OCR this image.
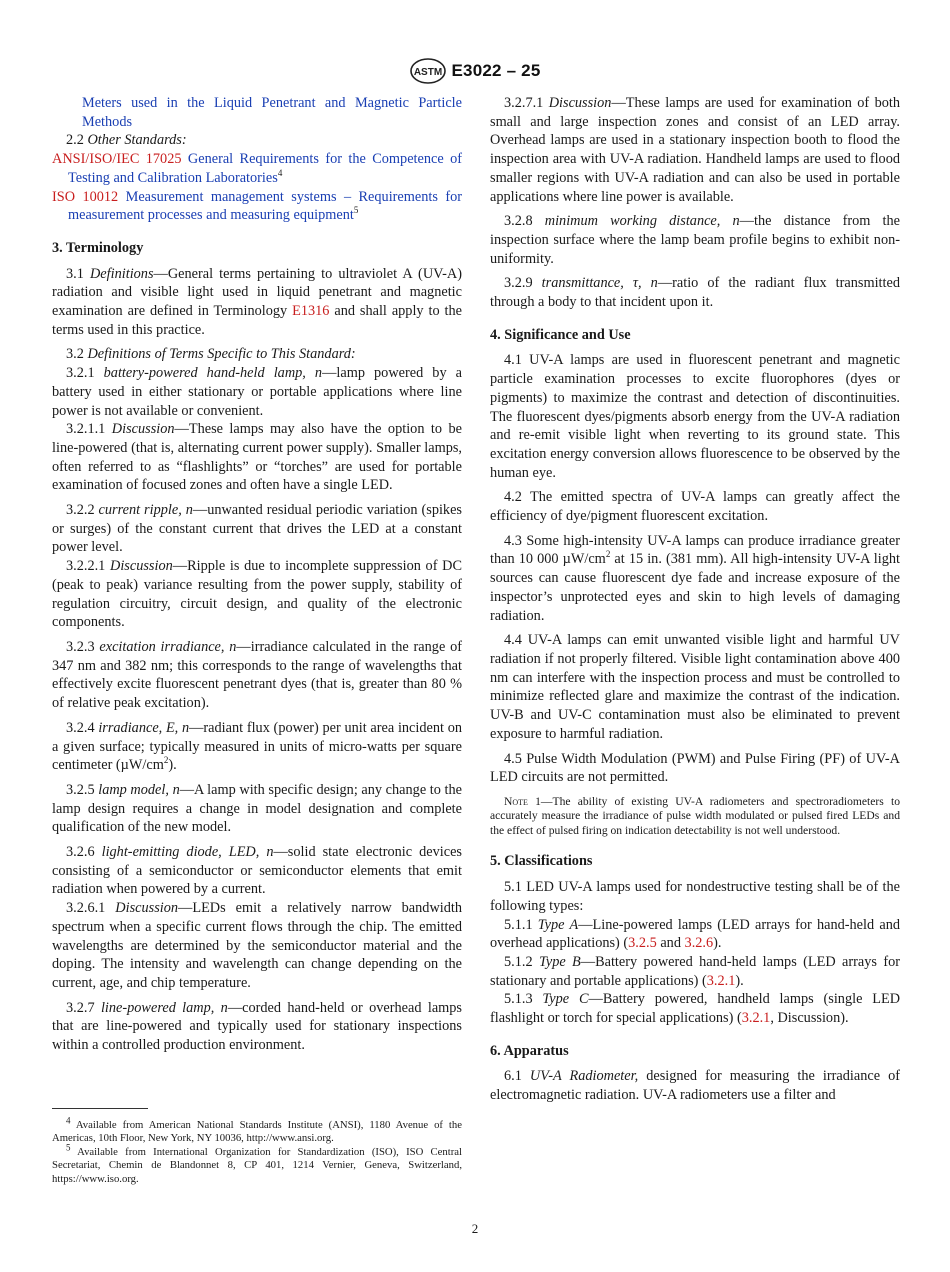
ASTM E3022 – 25

Meters used in the Liquid Penetrant and Magnetic Particle Methods

2.2 Other Standards:

ANSI/ISO/IEC 17025 General Requirements for the Competence of Testing and Calibration Laboratories$^4$

ISO 10012 Measurement management systems – Requirements for measurement processes and measuring equipment$^5$

3. Terminology

3.1 Definitions—General terms pertaining to ultraviolet A (UV-A) radiation and visible light used in liquid penetrant and magnetic examination are defined in Terminology E1316 and shall apply to the terms used in this practice.

3.2 Definitions of Terms Specific to This Standard:

3.2.1 battery-powered hand-held lamp, n—lamp powered by a battery used in either stationary or portable applications where line power is not available or convenient.

3.2.1.1 Discussion—These lamps may also have the option to be line-powered (that is, alternating current power supply). Smaller lamps, often referred to as “flashlights” or “torches” are used for portable examination of focused zones and often have a single LED.

3.2.2 current ripple, n—unwanted residual periodic variation (spikes or surges) of the constant current that drives the LED at a constant power level.

3.2.2.1 Discussion—Ripple is due to incomplete suppression of DC (peak to peak) variance resulting from the power supply, stability of regulation circuitry, circuit design, and quality of the electronic components.

3.2.3 excitation irradiance, n—irradiance calculated in the range of 347 nm and 382 nm; this corresponds to the range of wavelengths that effectively excite fluorescent penetrant dyes (that is, greater than 80 % of relative peak excitation).

3.2.4 irradiance, E, n—radiant flux (power) per unit area incident on a given surface; typically measured in units of micro-watts per square centimeter $(\mu W/cm^2)$.

3.2.5 lamp model, n—A lamp with specific design; any change to the lamp design requires a change in model designation and complete qualification of the new model.

3.2.6 light-emitting diode, LED, n—solid state electronic devices consisting of a semiconductor or semiconductor elements that emit radiation when powered by a current.

3.2.6.1 Discussion—LEDs emit a relatively narrow bandwidth spectrum when a specific current flows through the chip. The emitted wavelengths are determined by the semiconductor material and the doping. The intensity and wavelength can change depending on the current, age, and chip temperature.

3.2.7 line-powered lamp, n—corded hand-held or overhead lamps that are line-powered and typically used for stationary inspections within a controlled production environment.

$^4$ Available from American National Standards Institute (ANSI), 1180 Avenue of the Americas, 10th Floor, New York, NY 10036, http://www.ansi.org.

$^5$ Available from International Organization for Standardization (ISO), ISO Central Secretariat, Chemin de Blandonnet 8, CP 401, 1214 Vernier, Geneva, Switzerland, https://www.iso.org.

3.2.7.1 Discussion—These lamps are used for examination of both small and large inspection zones and consist of an LED array. Overhead lamps are used in a stationary inspection booth to flood the inspection area with UV-A radiation. Handheld lamps are used to flood smaller regions with UV-A radiation and can also be used in portable applications where line power is available.

3.2.8 minimum working distance, n—the distance from the inspection surface where the lamp beam profile begins to exhibit non-uniformity.

3.2.9 transmittance, τ, n—ratio of the radiant flux transmitted through a body to that incident upon it.

4. Significance and Use

4.1 UV-A lamps are used in fluorescent penetrant and magnetic particle examination processes to excite fluorophores (dyes or pigments) to maximize the contrast and detection of discontinuities. The fluorescent dyes/pigments absorb energy from the UV-A radiation and re-emit visible light when reverting to its ground state. This excitation energy conversion allows fluorescence to be observed by the human eye.

4.2 The emitted spectra of UV-A lamps can greatly affect the efficiency of dye/pigment fluorescent excitation.

4.3 Some high-intensity UV-A lamps can produce irradiance greater than 10 000 $\mu W/cm^2$ at 15 in. (381 mm). All high-intensity UV-A light sources can cause fluorescent dye fade and increase exposure of the inspector’s unprotected eyes and skin to high levels of damaging radiation.

4.4 UV-A lamps can emit unwanted visible light and harmful UV radiation if not properly filtered. Visible light contamination above 400 nm can interfere with the inspection process and must be controlled to minimize reflected glare and maximize the contrast of the indication. UV-B and UV-C contamination must also be eliminated to prevent exposure to harmful radiation.

4.5 Pulse Width Modulation (PWM) and Pulse Firing (PF) of UV-A LED circuits are not permitted.

Note 1—The ability of existing UV-A radiometers and spectroradiometers to accurately measure the irradiance of pulse width modulated or pulsed fired LEDs and the effect of pulsed firing on indication detectability is not well understood.

5. Classifications

5.1 LED UV-A lamps used for nondestructive testing shall be of the following types:

5.1.1 Type A—Line-powered lamps (LED arrays for hand-held and overhead applications) (3.2.5 and 3.2.6).

5.1.2 Type B—Battery powered hand-held lamps (LED arrays for stationary and portable applications) (3.2.1).

5.1.3 Type C—Battery powered, handheld lamps (single LED flashlight or torch for special applications) (3.2.1, Discussion).

6. Apparatus

6.1 UV-A Radiometer, designed for measuring the irradiance of electromagnetic radiation. UV-A radiometers use a filter and

2
